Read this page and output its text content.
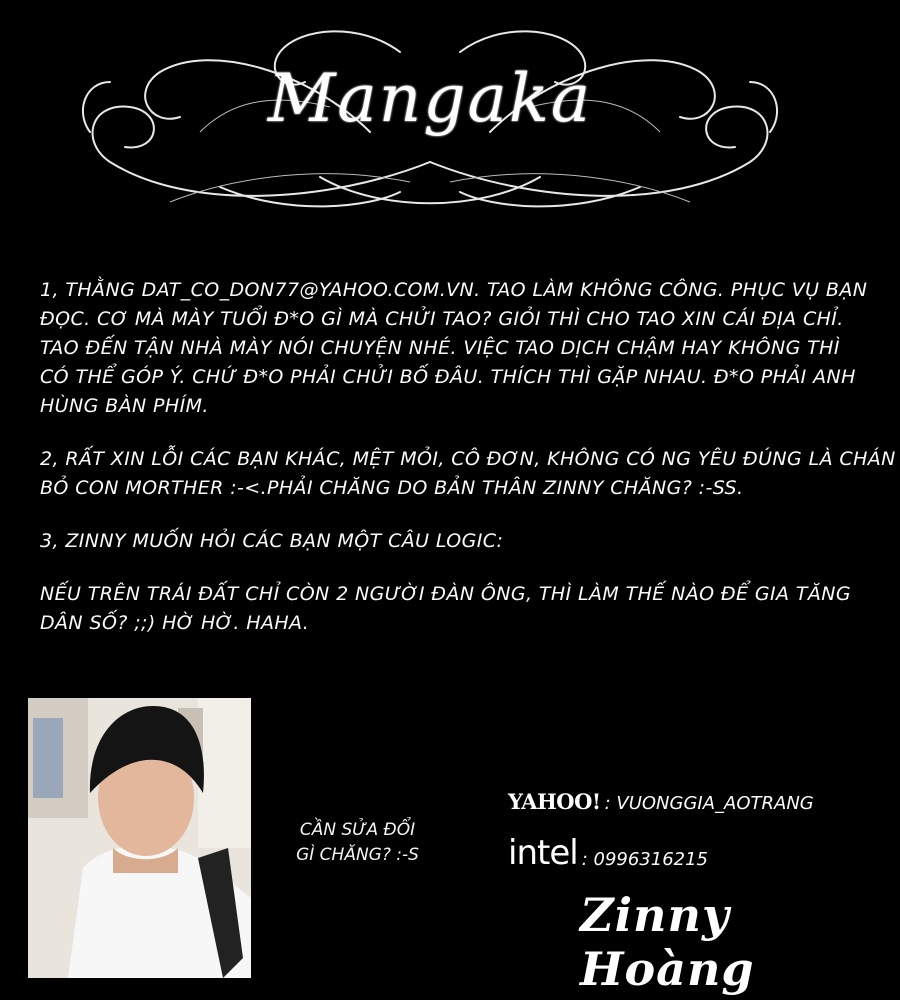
Mangaka

1, THẰNG DAT_CO_DON77@YAHOO.COM.VN. TAO LÀM KHÔNG CÔNG. PHỤC VỤ BẠN
ĐỌC. CƠ MÀ MÀY TUỔI Đ*O GÌ MÀ CHỬI TAO? GIỎI THÌ CHO TAO XIN CÁI ĐỊA CHỈ.
TAO ĐẾN TẬN NHÀ MÀY NÓI CHUYỆN NHÉ. VIỆC TAO DỊCH CHẬM HAY KHÔNG THÌ
CÓ THỂ GÓP Ý. CHỨ Đ*O PHẢI CHỬI BỐ ĐÂU. THÍCH THÌ GẶP NHAU. Đ*O PHẢI ANH
HÙNG BÀN PHÍM.

2, RẤT XIN LỖI CÁC BẠN KHÁC, MỆT MỎI, CÔ ĐƠN, KHÔNG CÓ NG YÊU ĐÚNG LÀ CHÁN
BỎ CON MORTHER :-<.PHẢI CHĂNG DO BẢN THÂN ZINNY CHĂNG? :-SS.

3, ZINNY MUỐN HỎI CÁC BẠN MỘT CÂU LOGIC:

NẾU TRÊN TRÁI ĐẤT CHỈ CÒN 2 NGƯỜI ĐÀN ÔNG, THÌ LÀM THẾ NÀO ĐỂ GIA TĂNG
DÂN SỐ? ;;) HỜ HỜ. HAHA.

CẦN SỬA ĐỔI
GÌ CHĂNG? :-S
YAHOO! : VUONGGIA_AOTRANG
intel : 0996316215
Zinny Hoàng
